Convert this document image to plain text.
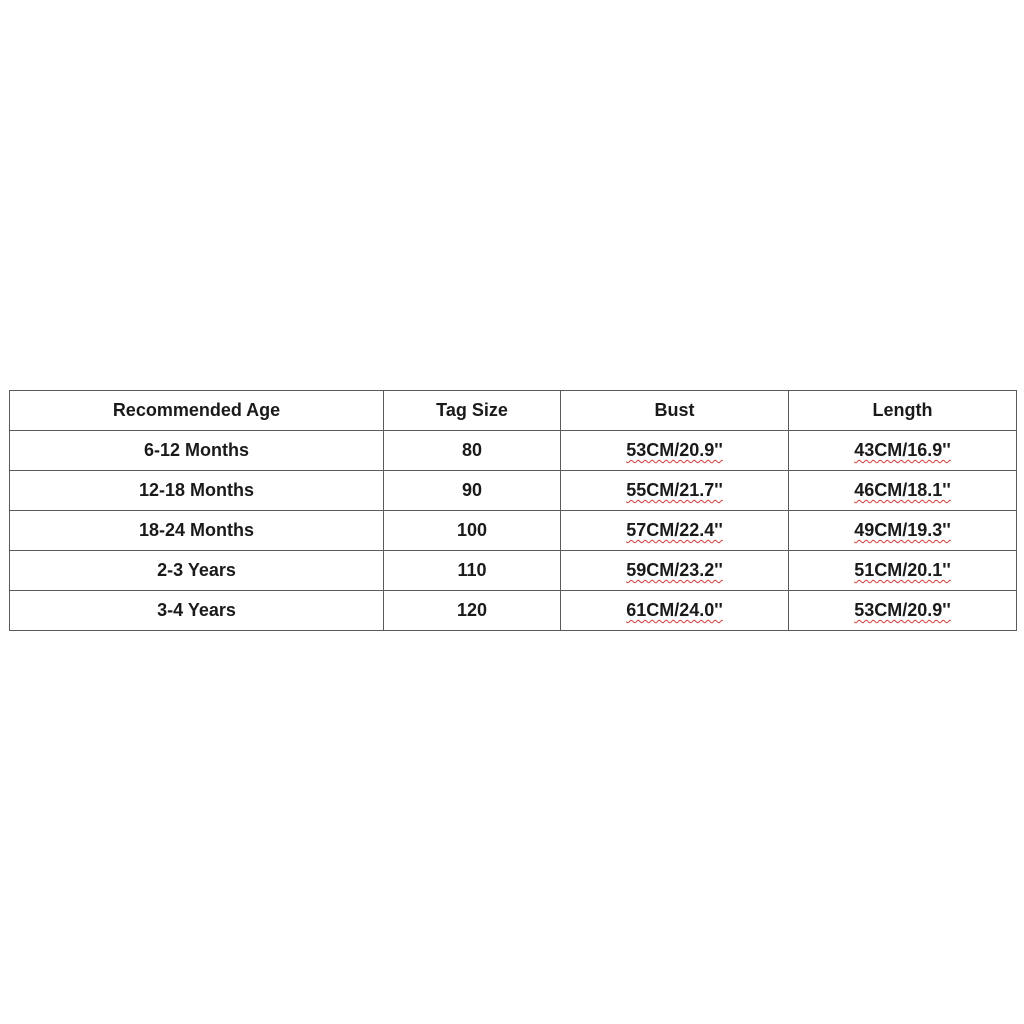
Recommended Age	Tag Size	Bust	Length
6-12 Months	80	53CM/20.9''	43CM/16.9''
12-18 Months	90	55CM/21.7''	46CM/18.1''
18-24 Months	100	57CM/22.4''	49CM/19.3''
2-3 Years	110	59CM/23.2''	51CM/20.1''
3-4 Years	120	61CM/24.0''	53CM/20.9''
